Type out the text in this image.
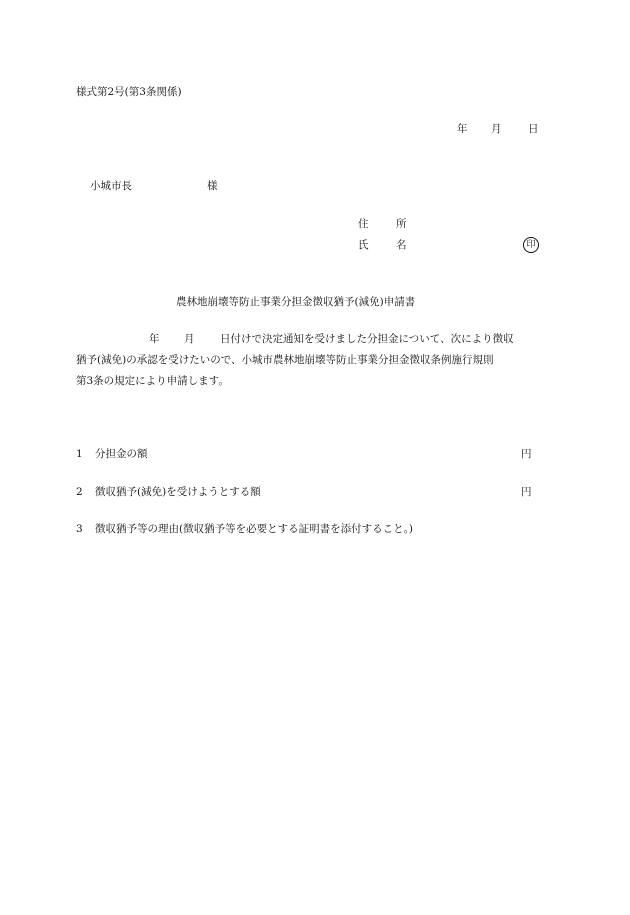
様式第2号(第3条関係)
年 月	日
小城市長	様
住	所
氏	名	印
農林地崩壊等防止事業分担金徴収猶予(減免)申請書
年 月 日付けで決定通知を受けました分担金について、次により徴収
猶予(減免)の承認を受けたいので、小城市農林地崩壊等防止事業分担金徴収条例施行規則
第3条の規定により申請します。
1 分担金の額	円
2 徴収猶予(減免)を受けようとする額	円
3 徴収猶予等の理由(徴収猶予等を必要とする証明書を添付すること。)
